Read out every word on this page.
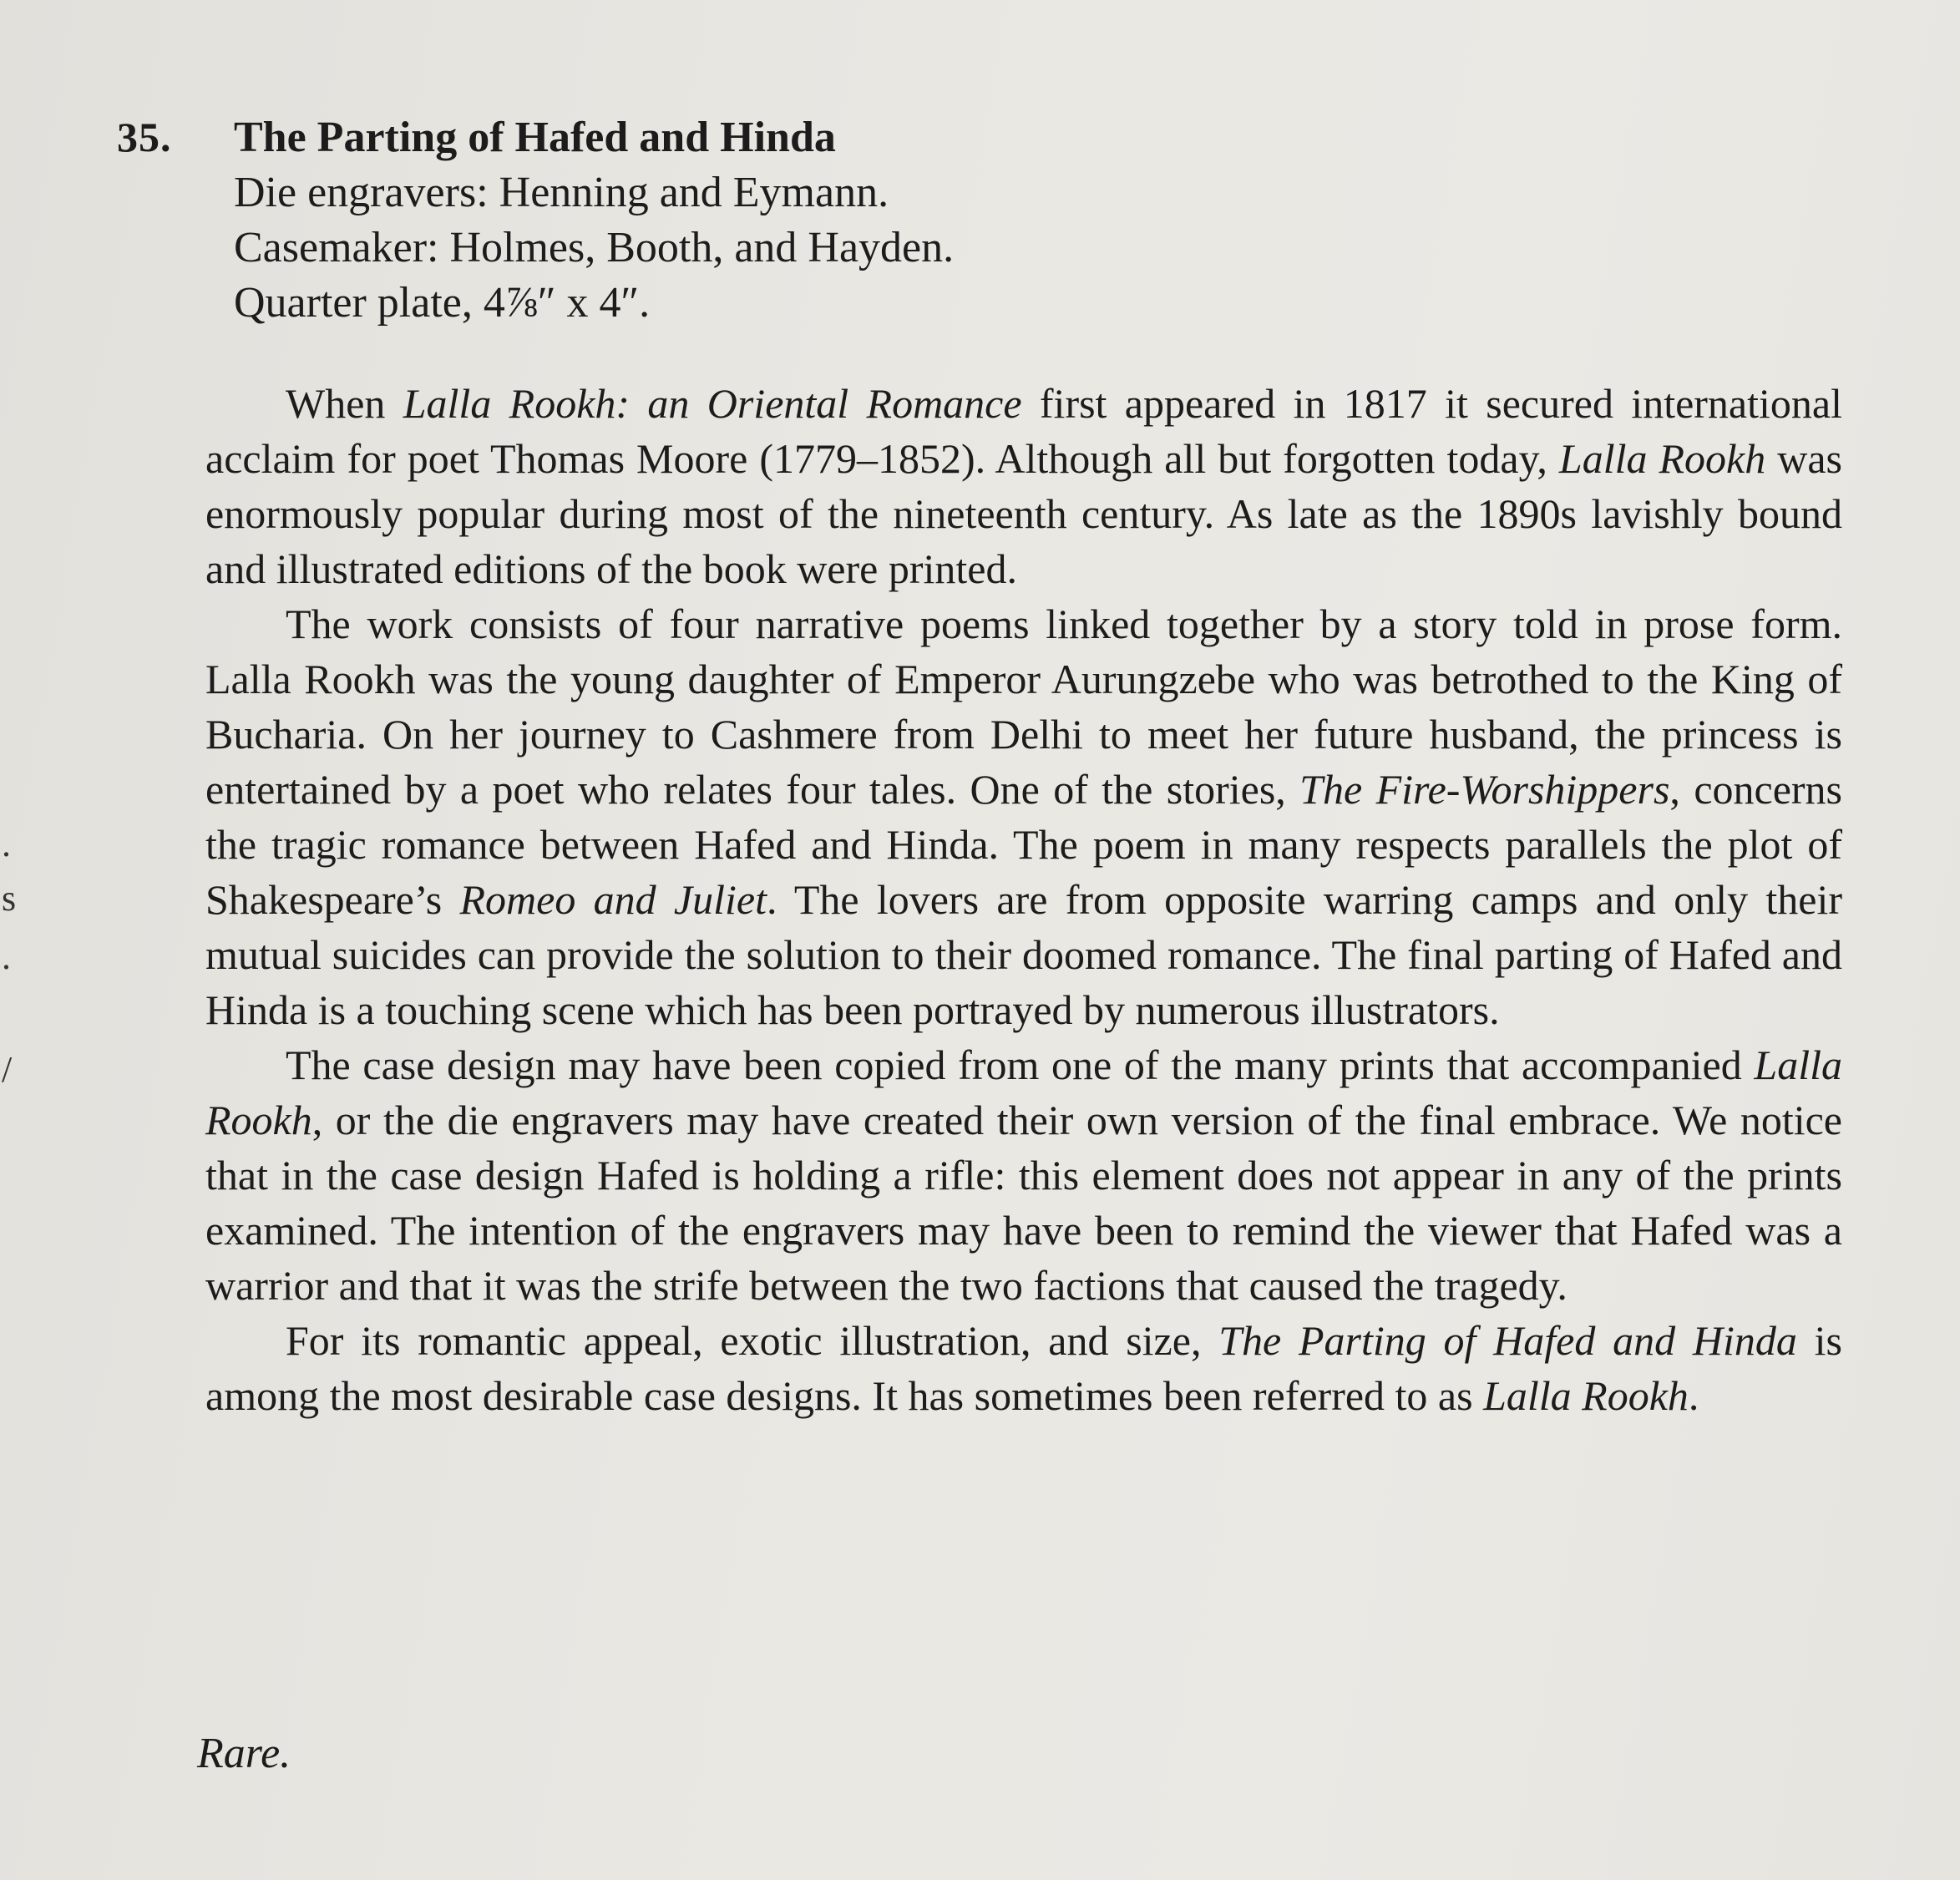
.
s
.
/
35.	The Parting of Hafed and Hinda
Die engravers: Henning and Eymann.
Casemaker: Holmes, Booth, and Hayden.
Quarter plate, 4⅞″ x 4″.

When Lalla Rookh: an Oriental Romance first appeared in 1817 it secured international acclaim for poet Thomas Moore (1779–1852). Although all but forgotten today, Lalla Rookh was enormously popular during most of the nineteenth century. As late as the 1890s lavishly bound and illustrated editions of the book were printed.

The work consists of four narrative poems linked together by a story told in prose form. Lalla Rookh was the young daughter of Emperor Aurungzebe who was betrothed to the King of Bucharia. On her journey to Cashmere from Delhi to meet her future husband, the princess is entertained by a poet who relates four tales. One of the stories, The Fire-Worshippers, concerns the tragic romance between Hafed and Hinda. The poem in many respects parallels the plot of Shakespeare’s Romeo and Juliet. The lovers are from opposite warring camps and only their mutual suicides can provide the solution to their doomed romance. The final parting of Hafed and Hinda is a touching scene which has been portrayed by numerous illustrators.

The case design may have been copied from one of the many prints that accompanied Lalla Rookh, or the die engravers may have created their own version of the final embrace. We notice that in the case design Hafed is holding a rifle: this element does not appear in any of the prints examined. The intention of the engravers may have been to remind the viewer that Hafed was a warrior and that it was the strife between the two factions that caused the tragedy.

For its romantic appeal, exotic illustration, and size, The Parting of Hafed and Hinda is among the most desirable case designs. It has sometimes been referred to as Lalla Rookh.

Rare.
